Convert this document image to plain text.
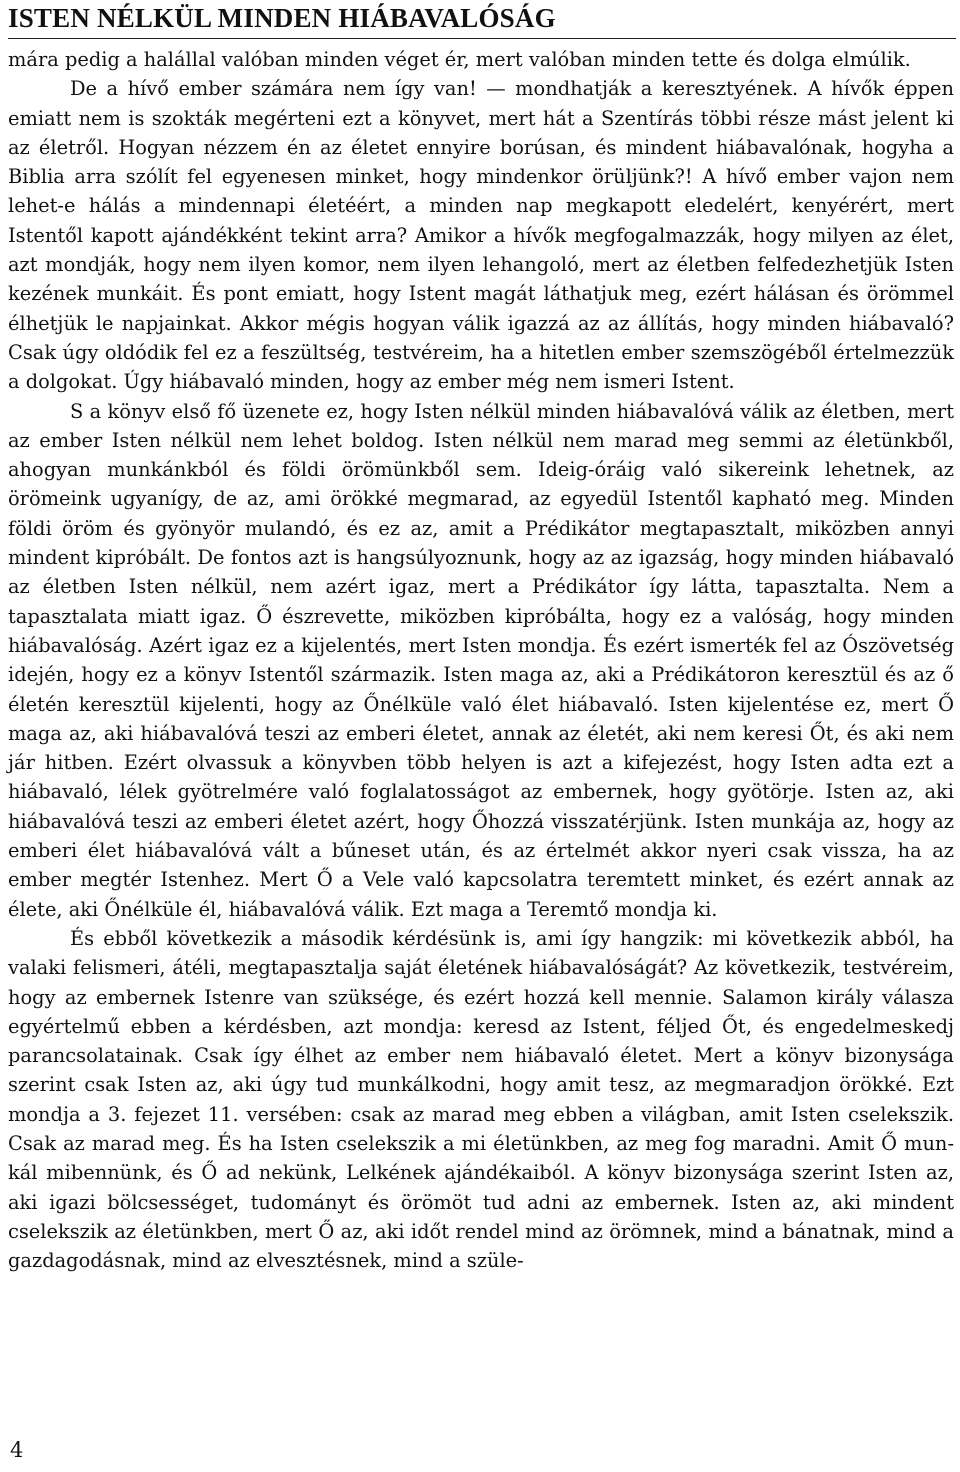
ISTEN NÉLKÜL MINDEN HIÁBAVALÓSÁG

mára pedig a halállal valóban minden véget ér, mert valóban minden tette és dolga elmúlik.

De a hívő ember számára nem így van! — mondhatják a keresztyének. A hívők éppen emiatt nem is szokták megérteni ezt a könyvet, mert hát a Szentírás többi része mást jelent ki az életről. Hogyan nézzem én az életet ennyire borúsan, és mindent hiábavalónak, hogyha a Biblia arra szólít fel egyenesen minket, hogy mindenkor örüljünk?! A hívő ember vajon nem lehet-e hálás a mindennapi életéért, a minden nap megkapott eledelért, kenyérért, mert Istentől kapott ajándékként tekint arra? Amikor a hívők megfogalmazzák, hogy milyen az élet, azt mondják, hogy nem ilyen komor, nem ilyen lehangoló, mert az életben felfedezhetjük Isten kezének munkáit. És pont emiatt, hogy Istent magát láthatjuk meg, ezért hálásan és örömmel élhetjük le napjainkat. Akkor mégis hogyan válik igazzá az az állítás, hogy minden hiábavaló? Csak úgy oldódik fel ez a feszültség, testvéreim, ha a hitetlen ember szemszögéből értelmezzük a dolgokat. Úgy hiábavaló minden, hogy az ember még nem ismeri Istent.

S a könyv első fő üzenete ez, hogy Isten nélkül minden hiábavalóvá válik az életben, mert az ember Isten nélkül nem lehet boldog. Isten nélkül nem marad meg semmi az életünkből, ahogyan munkánkból és földi örömünkből sem. Ideig-óráig való sikereink lehetnek, az örömeink ugyanígy, de az, ami örökké megmarad, az egyedül Istentől kapható meg. Minden földi öröm és gyönyör mulandó, és ez az, amit a Prédikátor megtapasztalt, miközben annyi mindent kipróbált. De fontos azt is hangsúlyoznunk, hogy az az igazság, hogy minden hiábavaló az életben Isten nélkül, nem azért igaz, mert a Prédikátor így látta, tapasztalta. Nem a tapasztalata miatt igaz. Ő észrevette, miközben kipróbálta, hogy ez a valóság, hogy minden hiábavalóság. Azért igaz ez a kijelentés, mert Isten mondja. És ezért ismerték fel az Ószövetség idején, hogy ez a könyv Istentől származik. Isten maga az, aki a Prédikátoron keresztül és az ő életén keresztül kijelenti, hogy az Őnélküle való élet hiábavaló. Isten kijelentése ez, mert Ő maga az, aki hiábavalóvá teszi az emberi életet, annak az életét, aki nem keresi Őt, és aki nem jár hitben. Ezért olvassuk a könyvben több helyen is azt a kifejezést, hogy Isten adta ezt a hiábavaló, lélek gyötrelmére való foglalatosságot az embernek, hogy gyötörje. Isten az, aki hiábavalóvá teszi az emberi életet azért, hogy Őhozzá visszatérjünk. Isten munkája az, hogy az emberi élet hiábavalóvá vált a bűneset után, és az értelmét akkor nyeri csak vissza, ha az ember megtér Istenhez. Mert Ő a Vele való kapcsolatra teremtett minket, és ezért annak az élete, aki Őnélküle él, hiábavalóvá válik. Ezt maga a Teremtő mondja ki.

És ebből következik a második kérdésünk is, ami így hangzik: mi következik abból, ha valaki felismeri, átéli, megtapasztalja saját életének hiábavalóságát? Az következik, testvéreim, hogy az embernek Istenre van szüksége, és ezért hozzá kell mennie. Salamon király válasza egyértelmű ebben a kérdésben, azt mondja: keresd az Istent, féljed Őt, és engedelmeskedj parancsolatainak. Csak így élhet az ember nem hiábavaló életet. Mert a könyv bizonysága szerint csak Isten az, aki úgy tud munkálkodni, hogy amit tesz, az megmaradjon örökké. Ezt mondja a 3. fejezet 11. versében: csak az marad meg ebben a világban, amit Isten cselekszik. Csak az marad meg. És ha Isten cselekszik a mi életünkben, az meg fog maradni. Amit Ő munkál mibennünk, és Ő ad nekünk, Lelkének ajándékaiból. A könyv bizonysága szerint Isten az, aki igazi bölcsességet, tudományt és örömöt tud adni az embernek. Isten az, aki mindent cselekszik az életünkben, mert Ő az, aki időt rendel mind az örömnek, mind a bánatnak, mind a gazdagodásnak, mind az elvesztésnek, mind a szüle-

4
